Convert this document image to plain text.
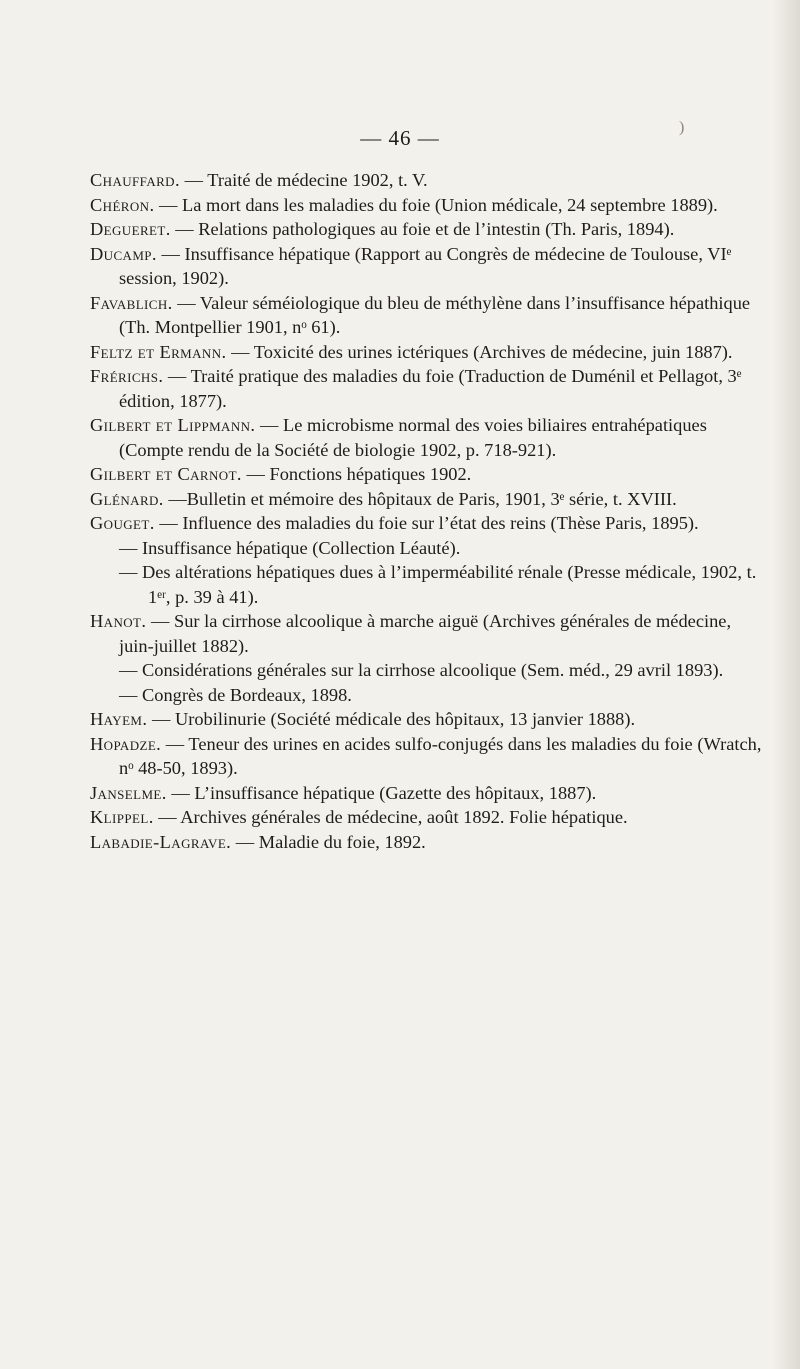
)
— 46 —

Chauffard. — Traité de médecine 1902, t. V.

Chéron. — La mort dans les maladies du foie (Union médicale, 24 septembre 1889).

Degueret. — Relations pathologiques au foie et de l’intestin (Th. Paris, 1894).

Ducamp. — Insuffisance hépatique (Rapport au Congrès de médecine de Toulouse, VIᵉ session, 1902).

Favablich. — Valeur séméiologique du bleu de méthylène dans l’insuffisance hépathique (Th. Montpellier 1901, nᵒ 61).

Feltz et Ermann. — Toxicité des urines ictériques (Archives de médecine, juin 1887).

Frérichs. — Traité pratique des maladies du foie (Traduction de Duménil et Pellagot, 3ᵉ édition, 1877).

Gilbert et Lippmann. — Le microbisme normal des voies biliaires entrahépatiques (Compte rendu de la Société de biologie 1902, p. 718-921).

Gilbert et Carnot. — Fonctions hépatiques 1902.

Glénard. —Bulletin et mémoire des hôpitaux de Paris, 1901, 3ᵉ série, t. XVIII.

Gouget. — Influence des maladies du foie sur l’état des reins (Thèse Paris, 1895).

— Insuffisance hépatique (Collection Léauté).

— Des altérations hépatiques dues à l’imperméabilité rénale (Presse médicale, 1902, t. 1ᵉʳ, p. 39 à 41).

Hanot. — Sur la cirrhose alcoolique à marche aiguë (Archives générales de médecine, juin-juillet 1882).

— Considérations générales sur la cirrhose alcoolique (Sem. méd., 29 avril 1893).

— Congrès de Bordeaux, 1898.

Hayem. — Urobilinurie (Société médicale des hôpitaux, 13 janvier 1888).

Hopadze. — Teneur des urines en acides sulfo-conjugés dans les maladies du foie (Wratch, nᵒ 48-50, 1893).

Janselme. — L’insuffisance hépatique (Gazette des hôpitaux, 1887).

Klippel. — Archives générales de médecine, août 1892. Folie hépatique.

Labadie-Lagrave. — Maladie du foie, 1892.
